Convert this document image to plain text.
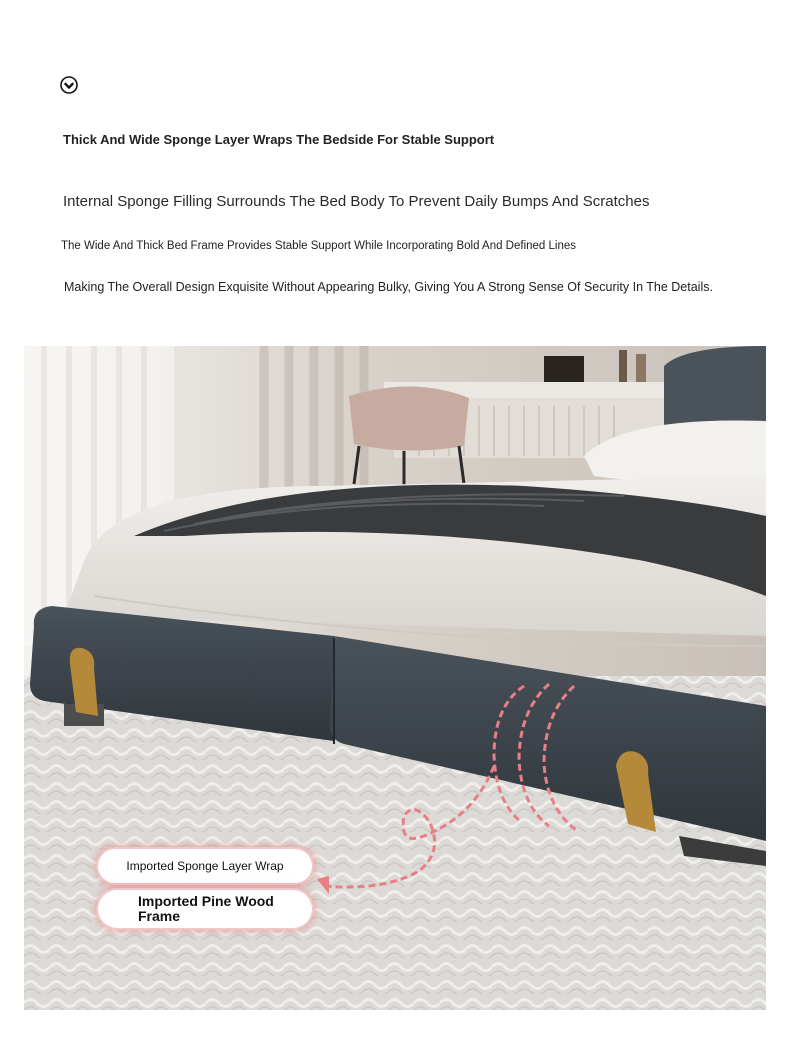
Thick And Wide Sponge Layer Wraps The Bedside For Stable Support
Internal Sponge Filling Surrounds The Bed Body To Prevent Daily Bumps And Scratches
The Wide And Thick Bed Frame Provides Stable Support While Incorporating Bold And Defined Lines
Making The Overall Design Exquisite Without Appearing Bulky, Giving You A Strong Sense Of Security In The Details.
Imported Sponge Layer Wrap
Imported Pine Wood Frame
